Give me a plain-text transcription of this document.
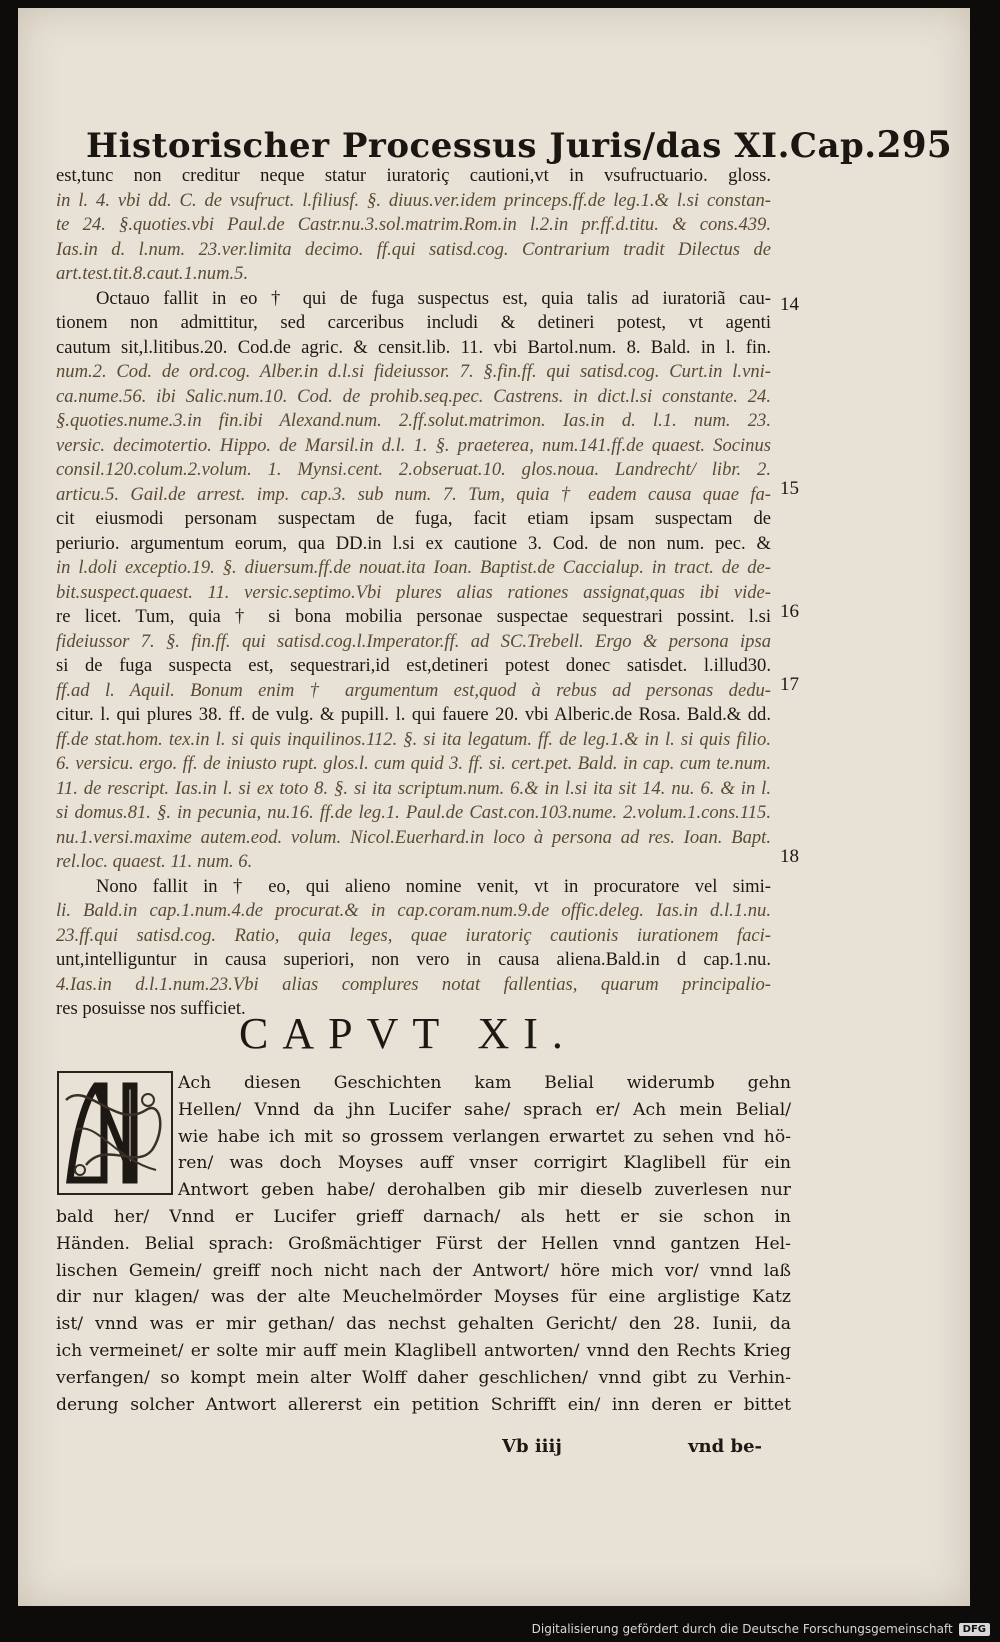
Historischer Processus Juris/das XI.Cap. 295

est,tunc non creditur neque statur iuratoriç cautioni,vt in vsufructuario. gloss.

in l. 4. vbi dd. C. de vsufruct. l.filiusf. §. diuus.ver.idem princeps.ff.de leg.1.& l.si constan-

te 24. §.quoties.vbi Paul.de Castr.nu.3.sol.matrim.Rom.in l.2.in pr.ff.d.titu. & cons.439.

Ias.in d. l.num. 23.ver.limita decimo. ff.qui satisd.cog. Contrarium tradit Dilectus de

art.test.tit.8.caut.1.num.5.

Octauo fallit in eo † qui de fuga suspectus est, quia talis ad iuratoriã cau-

tionem non admittitur, sed carceribus includi & detineri potest, vt agenti

cautum sit,l.litibus.20. Cod.de agric. & censit.lib. 11. vbi Bartol.num. 8. Bald. in l. fin.

num.2. Cod. de ord.cog. Alber.in d.l.si fideiussor. 7. §.fin.ff. qui satisd.cog. Curt.in l.vni-

ca.nume.56. ibi Salic.num.10. Cod. de prohib.seq.pec. Castrens. in dict.l.si constante. 24.

§.quoties.nume.3.in fin.ibi Alexand.num. 2.ff.solut.matrimon. Ias.in d. l.1. num. 23.

versic. decimotertio. Hippo. de Marsil.in d.l. 1. §. praeterea, num.141.ff.de quaest. Socinus

consil.120.colum.2.volum. 1. Mynsi.cent. 2.obseruat.10. glos.noua. Landrecht/ libr. 2.

articu.5. Gail.de arrest. imp. cap.3. sub num. 7. Tum, quia † eadem causa quae fa-

cit eiusmodi personam suspectam de fuga, facit etiam ipsam suspectam de

periurio. argumentum eorum, qua DD.in l.si ex cautione 3. Cod. de non num. pec. &

in l.doli exceptio.19. §. diuersum.ff.de nouat.ita Ioan. Baptist.de Caccialup. in tract. de de-

bit.suspect.quaest. 11. versic.septimo.Vbi plures alias rationes assignat,quas ibi vide-

re licet. Tum, quia † si bona mobilia personae suspectae sequestrari possint. l.si

fideiussor 7. §. fin.ff. qui satisd.cog.l.Imperator.ff. ad SC.Trebell. Ergo & persona ipsa

si de fuga suspecta est, sequestrari,id est,detineri potest donec satisdet. l.illud30.

ff.ad l. Aquil. Bonum enim † argumentum est,quod à rebus ad personas dedu-

citur. l. qui plures 38. ff. de vulg. & pupill. l. qui fauere 20. vbi Alberic.de Rosa. Bald.& dd.

ff.de stat.hom. tex.in l. si quis inquilinos.112. §. si ita legatum. ff. de leg.1.& in l. si quis filio.

6. versicu. ergo. ff. de iniusto rupt. glos.l. cum quid 3. ff. si. cert.pet. Bald. in cap. cum te.num.

11. de rescript. Ias.in l. si ex toto 8. §. si ita scriptum.num. 6.& in l.si ita sit 14. nu. 6. & in l.

si domus.81. §. in pecunia, nu.16. ff.de leg.1. Paul.de Cast.con.103.nume. 2.volum.1.cons.115.

nu.1.versi.maxime autem.eod. volum. Nicol.Euerhard.in loco à persona ad res. Ioan. Bapt.

rel.loc. quaest. 11. num. 6.

Nono fallit in † eo, qui alieno nomine venit, vt in procuratore vel simi-

li. Bald.in cap.1.num.4.de procurat.& in cap.coram.num.9.de offic.deleg. Ias.in d.l.1.nu.

23.ff.qui satisd.cog. Ratio, quia leges, quae iuratoriç cautionis iurationem faci-

unt,intelliguntur in causa superiori, non vero in causa aliena.Bald.in d cap.1.nu.

4.Ias.in d.l.1.num.23.Vbi alias complures notat fallentias, quarum principalio-

res posuisse nos sufficiet.

14
15
16
17
18
CAPVT XI.

Ach diesen Geschichten kam Belial widerumb gehn

Hellen/ Vnnd da jhn Lucifer sahe/ sprach er/ Ach mein Belial/

wie habe ich mit so grossem verlangen erwartet zu sehen vnd hö-

ren/ was doch Moyses auff vnser corrigirt Klaglibell für ein

Antwort geben habe/ derohalben gib mir dieselb zuverlesen nur

bald her/ Vnnd er Lucifer grieff darnach/ als hett er sie schon in

Händen. Belial sprach: Großmächtiger Fürst der Hellen vnnd gantzen Hel-

lischen Gemein/ greiff noch nicht nach der Antwort/ höre mich vor/ vnnd laß

dir nur klagen/ was der alte Meuchelmörder Moyses für eine arglistige Katz

ist/ vnnd was er mir gethan/ das nechst gehalten Gericht/ den 28. Iunii, da

ich vermeinet/ er solte mir auff mein Klaglibell antworten/ vnnd den Rechts Krieg

verfangen/ so kompt mein alter Wolff daher geschlichen/ vnnd gibt zu Verhin-

derung solcher Antwort allererst ein petition Schrifft ein/ inn deren er bittet

Vb iiij	vnd be-
Digitalisierung gefördert durch die Deutsche Forschungsgemeinschaft	DFG
